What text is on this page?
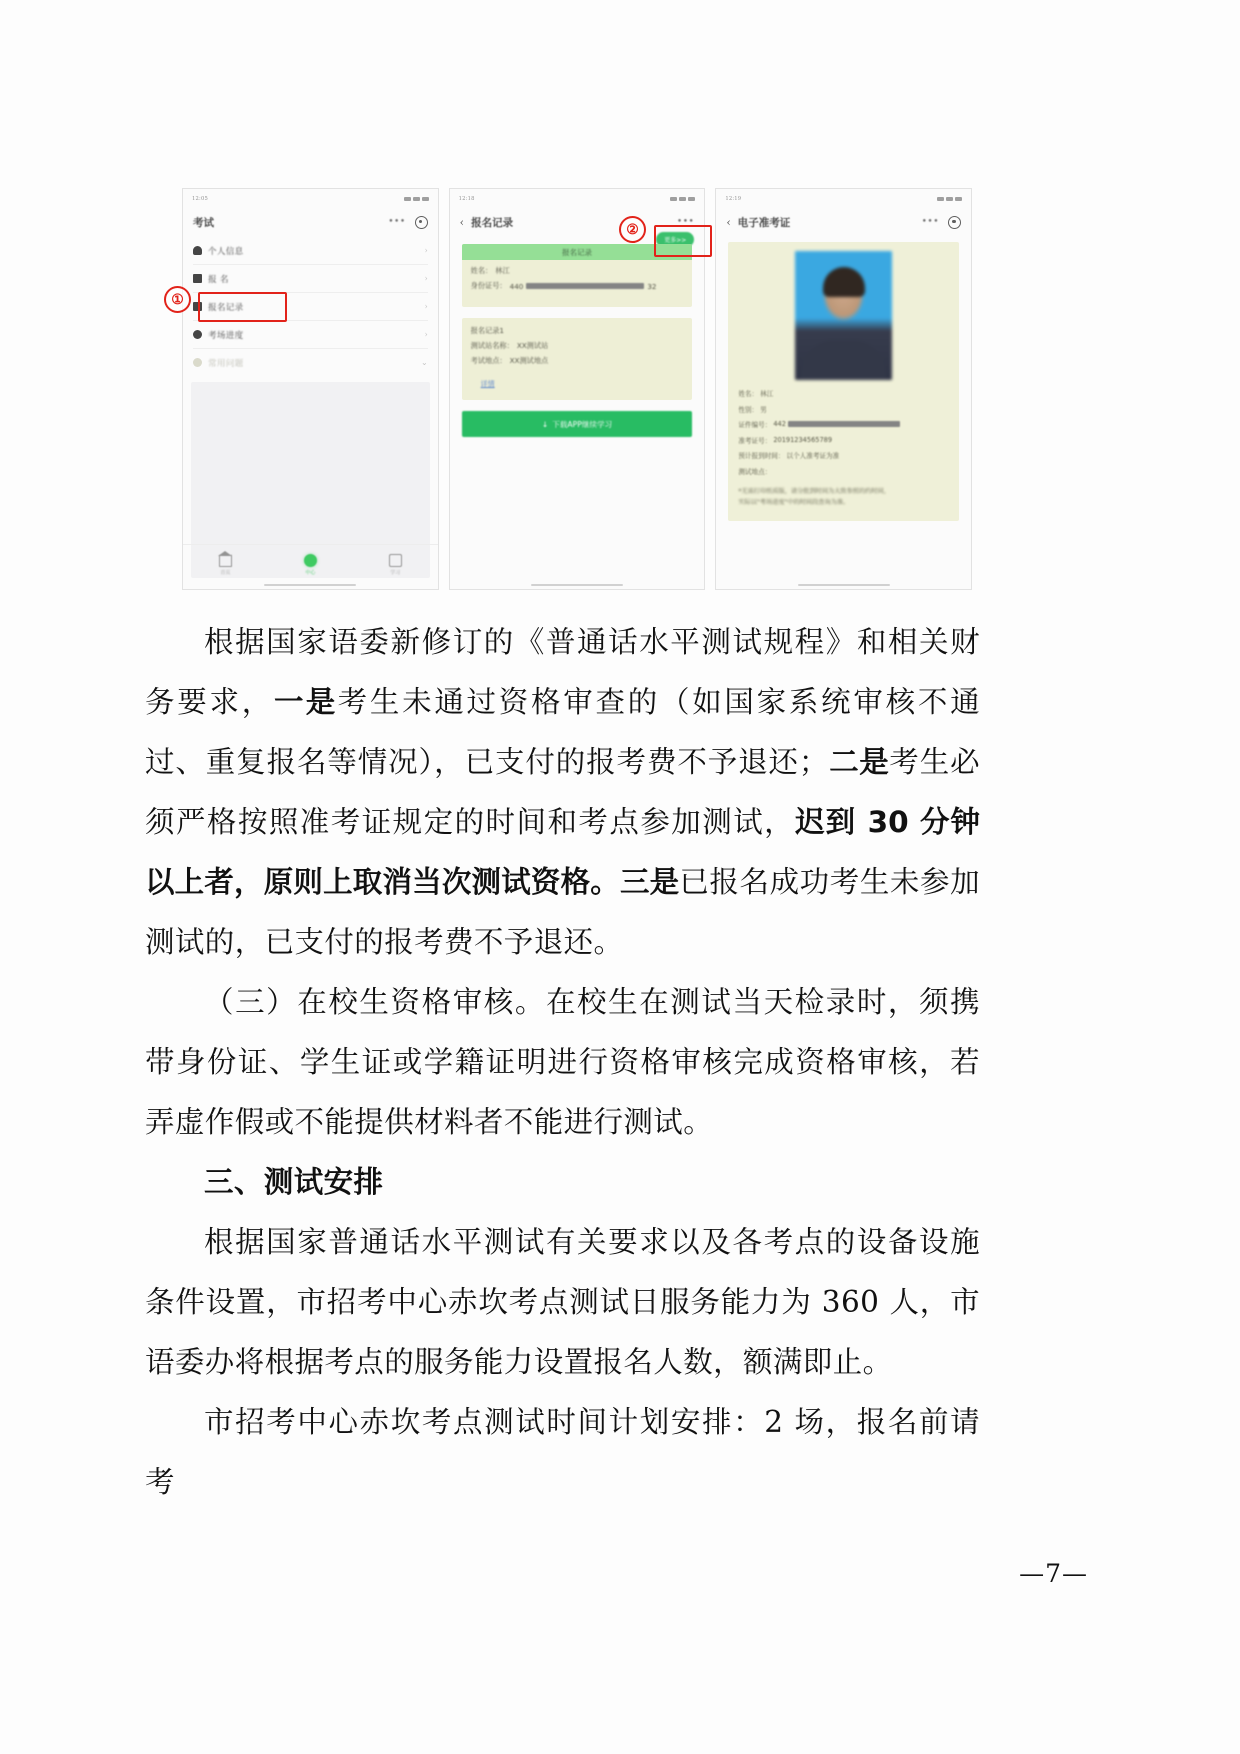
12:05
考试	•••
个人信息	›
报 名	›
报名记录	›
考场进度	›
常用问题	⌄
首页	中心	学习
12:18
‹ 报名记录	•••
更多>>
报名记录
姓名： 林江
身份证号： 440	32
报名记录1
测试站名称： XX测试站
考试地点： XX测试地点
详情
↓ 下载APP继续学习
12:19
‹ 电子准考证	•••
姓名： 林江
性别： 男
证件编号： 442
准考证号： 20191234565789
预计报到时间： 以个人准考证为准
测试地点：
*无需打印纸质版，请分批到时间为大致参照的约时间，
实际以"考场进度"中的时间段查询为准。
①
②

根据国家语委新修订的《普通话水平测试规程》和相关财务要求，一是考生未通过资格审查的（如国家系统审核不通过、重复报名等情况），已支付的报考费不予退还；二是考生必须严格按照准考证规定的时间和考点参加测试，迟到 30 分钟以上者，原则上取消当次测试资格。三是已报名成功考生未参加测试的，已支付的报考费不予退还。

（三）在校生资格审核。在校生在测试当天检录时，须携带身份证、学生证或学籍证明进行资格审核完成资格审核，若弄虚作假或不能提供材料者不能进行测试。

三、测试安排

根据国家普通话水平测试有关要求以及各考点的设备设施条件设置，市招考中心赤坎考点测试日服务能力为 360 人，市语委办将根据考点的服务能力设置报名人数，额满即止。

市招考中心赤坎考点测试时间计划安排：2 场，报名前请考

—7—
